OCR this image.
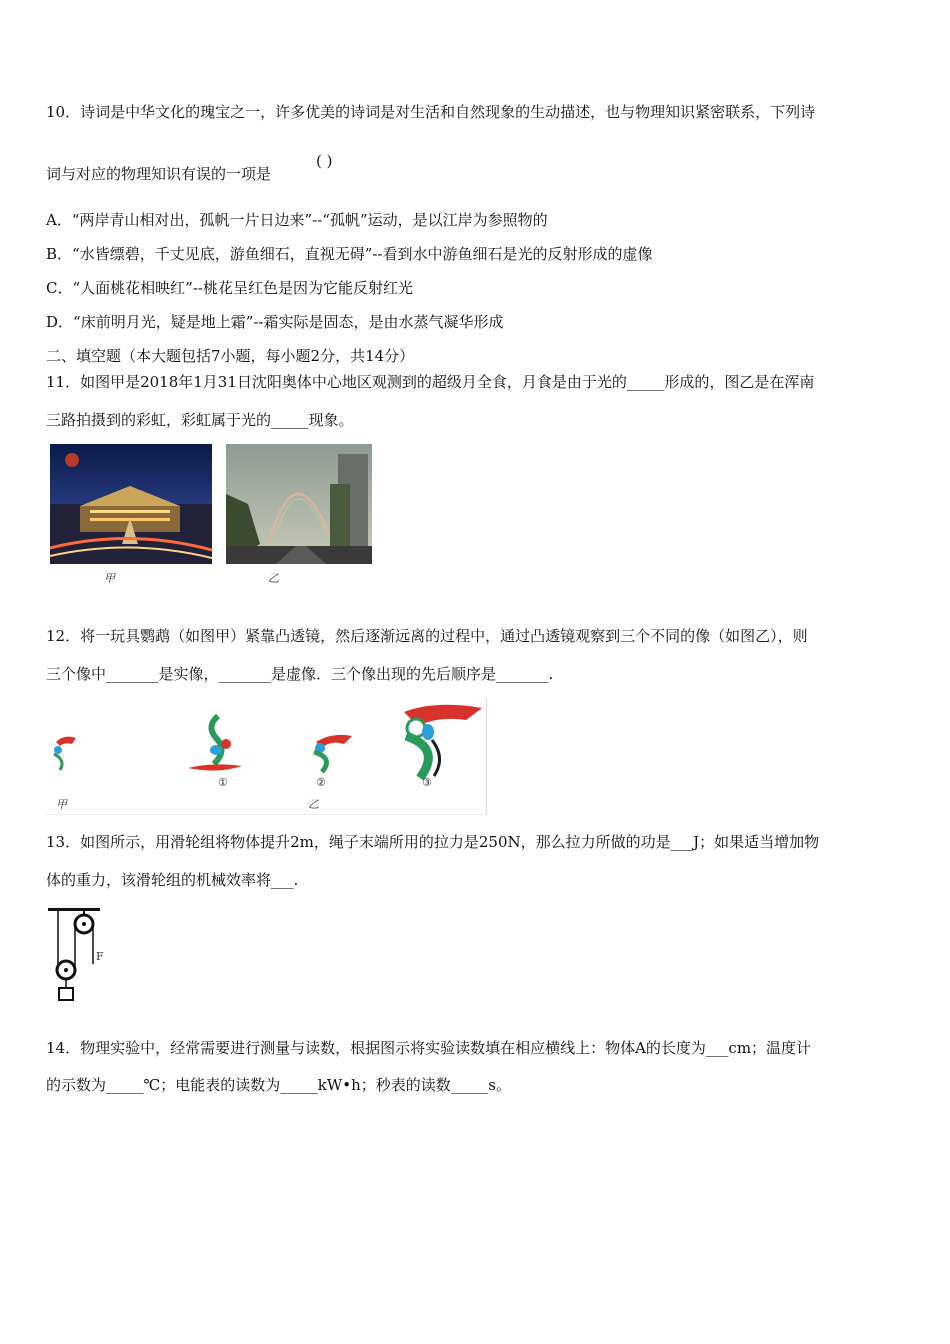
10．诗词是中华文化的瑰宝之一，许多优美的诗词是对生活和自然现象的生动描述，也与物理知识紧密联系，下列诗
( )
词与对应的物理知识有误的一项是
A．“两岸青山相对出，孤帆一片日边来”--“孤帆”运动，是以江岸为参照物的
B．“水皆缥碧，千丈见底，游鱼细石，直视无碍”--看到水中游鱼细石是光的反射形成的虚像
C．“人面桃花相映红”--桃花呈红色是因为它能反射红光
D．“床前明月光，疑是地上霜”--霜实际是固态，是由水蒸气凝华形成
二、填空题（本大题包括7小题，每小题2分，共14分）
11．如图甲是2018年1月31日沈阳奥体中心地区观测到的超级月全食，月食是由于光的_____形成的，图乙是在浑南
三路拍摄到的彩虹，彩虹属于光的_____现象。
甲	乙
12．将一玩具鹦鹉（如图甲）紧靠凸透镜，然后逐渐远离的过程中，通过凸透镜观察到三个不同的像（如图乙），则
三个像中_______是实像，_______是虚像．三个像出现的先后顺序是_______.
①	②	③
甲	乙
13．如图所示，用滑轮组将物体提升2m，绳子末端所用的拉力是250N，那么拉力所做的功是___J；如果适当增加物
体的重力，该滑轮组的机械效率将___.
F
14．物理实验中，经常需要进行测量与读数，根据图示将实验读数填在相应横线上：物体A的长度为___cm；温度计
的示数为_____℃；电能表的读数为_____kW•h；秒表的读数_____s。
